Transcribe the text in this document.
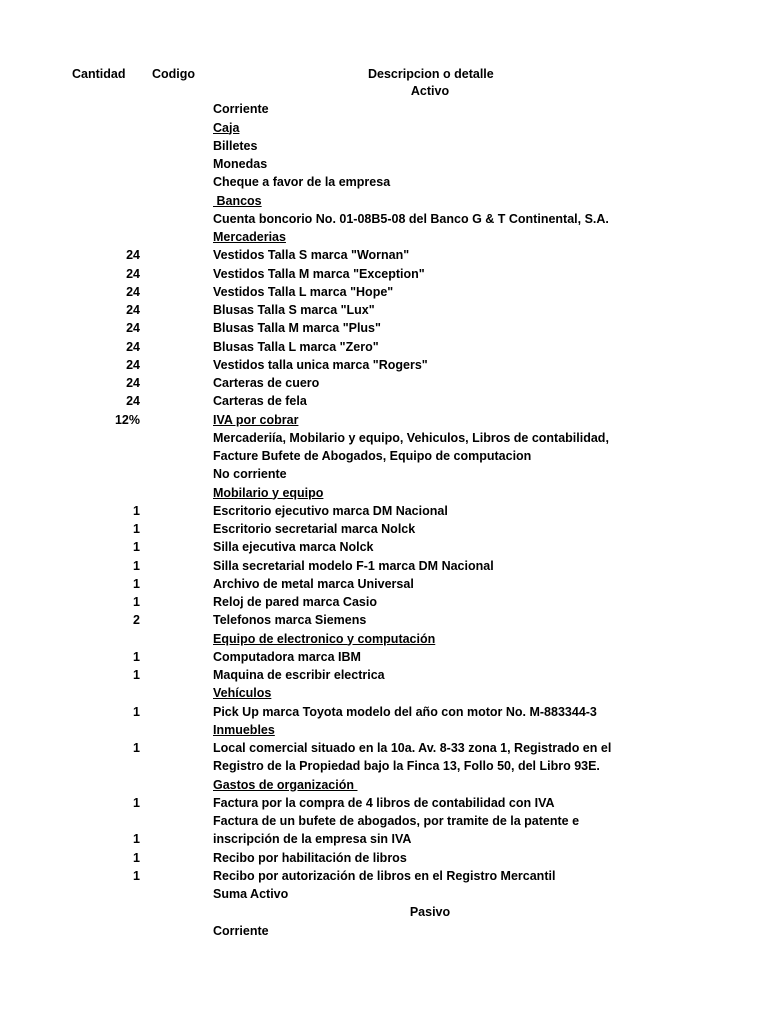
Cantidad Codigo	Descripcion o detalle
Activo
Corriente
Caja
Billetes
Monedas
Cheque a favor de la empresa
Bancos
Cuenta boncorio No. 01-08B5-08 del Banco G & T Continental, S.A.
Mercaderias
24	Vestidos Talla S marca "Wornan"
24	Vestidos Talla M marca "Exception"
24	Vestidos Talla L marca "Hope"
24	Blusas Talla S marca "Lux"
24	Blusas Talla M marca "Plus"
24	Blusas Talla L marca "Zero"
24	Vestidos talla unica marca "Rogers"
24	Carteras de cuero
24	Carteras de fela
12%	IVA por cobrar
Mercaderiía, Mobilario y equipo, Vehiculos, Libros de contabilidad,
Facture Bufete de Abogados, Equipo de computacion
No corriente
Mobilario y equipo
1	Escritorio ejecutivo marca DM Nacional
1	Escritorio secretarial marca Nolck
1	Silla ejecutiva marca Nolck
1	Silla secretarial modelo F-1 marca DM Nacional
1	Archivo de metal marca Universal
1	Reloj de pared marca Casio
2	Telefonos marca Siemens
Equipo de electronico y computación
1	Computadora marca IBM
1	Maquina de escribir electrica
Vehículos
1	Pick Up marca Toyota modelo del año con motor No. M-883344-3
Inmuebles
1	Local comercial situado en la 10a. Av. 8-33 zona 1, Registrado en el
Registro de la Propiedad bajo la Finca 13, Follo 50, del Libro 93E.
Gastos de organización
1	Factura por la compra de 4 libros de contabilidad con IVA
Factura de un bufete de abogados, por tramite de la patente e
1	inscripción de la empresa sin IVA
1	Recibo por habilitación de libros
1	Recibo por autorización de libros en el Registro Mercantil
Suma Activo
Pasivo
Corriente
